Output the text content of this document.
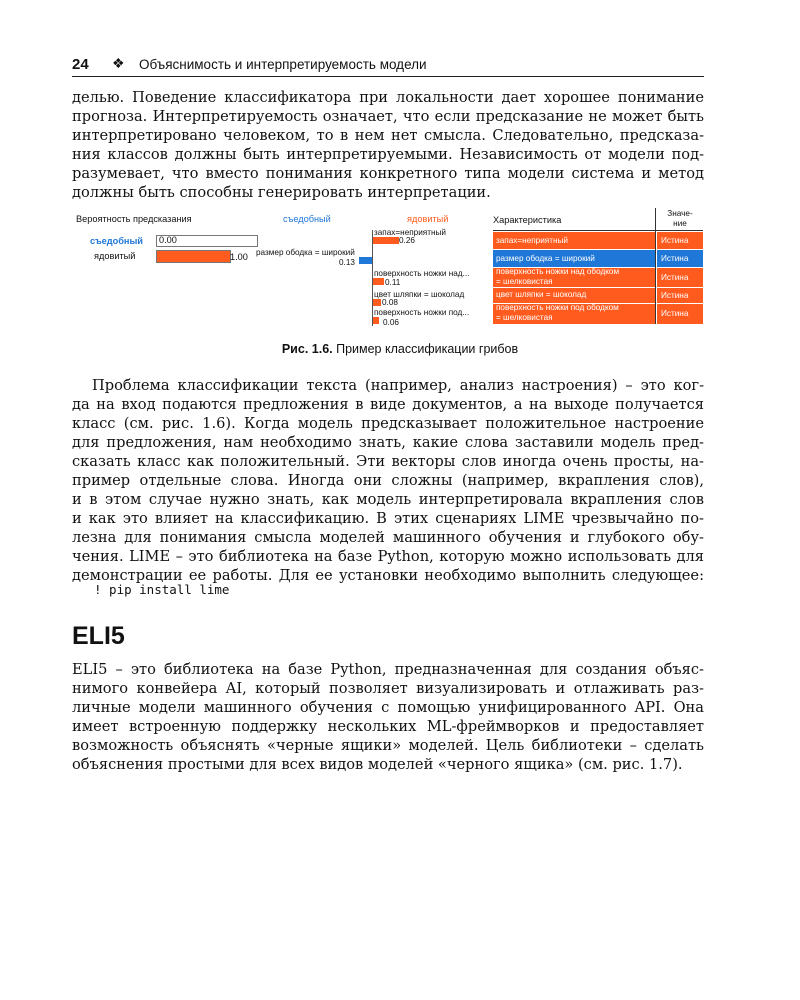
24 ❖ Объяснимость и интерпретируемость модели
делью. Поведение классификатора при локальности дает хорошее понимание
прогноза. Интерпретируемость означает, что если предсказание не может быть
интерпретировано человеком, то в нем нет смысла. Следовательно, предсказа-
ния классов должны быть интерпретируемыми. Независимость от модели под-
разумевает, что вместо понимания конкретного типа модели система и метод
должны быть способны генерировать интерпретации.
Вероятность предсказания
съедобный 0.00
ядовитый	1.00
съедобный	ядовитый
запах=неприятный
0.26
размер ободка = широкий
0.13
поверхность ножки над...
0.11
цвет шляпки = шоколад
0.08
поверхность ножки под...
0.06
Характеристика
Значе-
ние
запах=неприятный	Истина
размер ободка = широкий	Истина
поверхность ножки над ободком
= шелковистая	Истина
цвет шляпки = шоколад	Истина
поверхность ножки под ободком
= шелковистая	Истина
Рис. 1.6. Пример классификации грибов
Проблема классификации текста (например, анализ настроения) – это ког-
да на вход подаются предложения в виде документов, а на выходе получается
класс (см. рис. 1.6). Когда модель предсказывает положительное настроение
для предложения, нам необходимо знать, какие слова заставили модель пред-
сказать класс как положительный. Эти векторы слов иногда очень просты, на-
пример отдельные слова. Иногда они сложны (например, вкрапления слов),
и в этом случае нужно знать, как модель интерпретировала вкрапления слов
и как это влияет на классификацию. В этих сценариях LIME чрезвычайно по-
лезна для понимания смысла моделей машинного обучения и глубокого обу-
чения. LIME – это библиотека на базе Python, которую можно использовать для
демонстрации ее работы. Для ее установки необходимо выполнить следующее:
! pip install lime
ELI5
ELI5 – это библиотека на базе Python, предназначенная для создания объяс-
нимого конвейера AI, который позволяет визуализировать и отлаживать раз-
личные модели машинного обучения с помощью унифицированного API. Она
имеет встроенную поддержку нескольких ML-фреймворков и предоставляет
возможность объяснять «черные ящики» моделей. Цель библиотеки – сделать
объяснения простыми для всех видов моделей «черного ящика» (см. рис. 1.7).
